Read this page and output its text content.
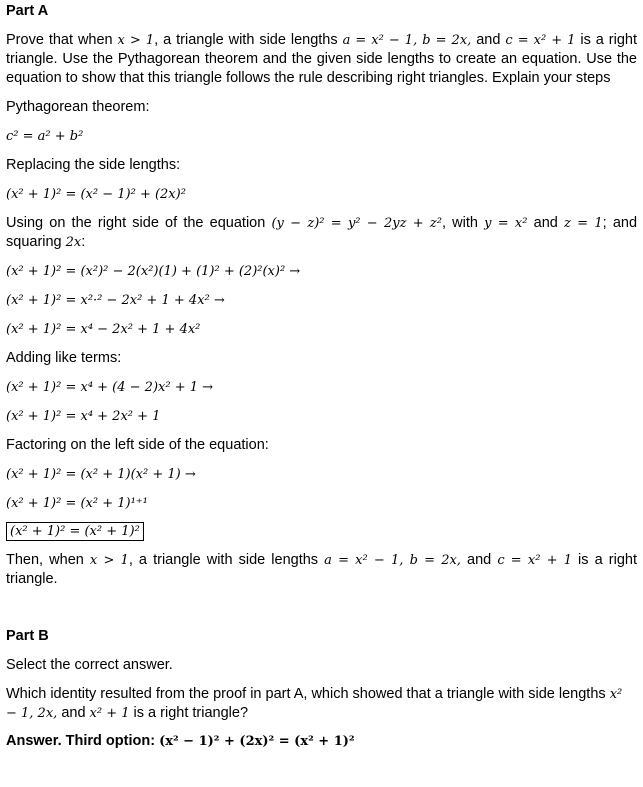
Part A

Prove that when x > 1, a triangle with side lengths a = x² − 1, b = 2x, and c = x² + 1 is a right triangle. Use the Pythagorean theorem and the given side lengths to create an equation. Use the equation to show that this triangle follows the rule describing right triangles. Explain your steps

Pythagorean theorem:

c² = a² + b²

Replacing the side lengths:

(x² + 1)² = (x² − 1)² + (2x)²

Using on the right side of the equation (y − z)² = y² − 2yz + z², with y = x² and z = 1; and squaring 2x:

(x² + 1)² = (x²)² − 2(x²)(1) + (1)² + (2)²(x)² →

(x² + 1)² = x²·² − 2x² + 1 + 4x² →

(x² + 1)² = x⁴ − 2x² + 1 + 4x²

Adding like terms:

(x² + 1)² = x⁴ + (4 − 2)x² + 1 →

(x² + 1)² = x⁴ + 2x² + 1

Factoring on the left side of the equation:

(x² + 1)² = (x² + 1)(x² + 1) →

(x² + 1)² = (x² + 1)¹⁺¹

(x² + 1)² = (x² + 1)²

Then, when x > 1, a triangle with side lengths a = x² − 1, b = 2x, and c = x² + 1 is a right triangle.

Part B

Select the correct answer.

Which identity resulted from the proof in part A, which showed that a triangle with side lengths x² − 1, 2x, and x² + 1 is a right triangle?

Answer. Third option: (x² − 1)² + (2x)² = (x² + 1)²
